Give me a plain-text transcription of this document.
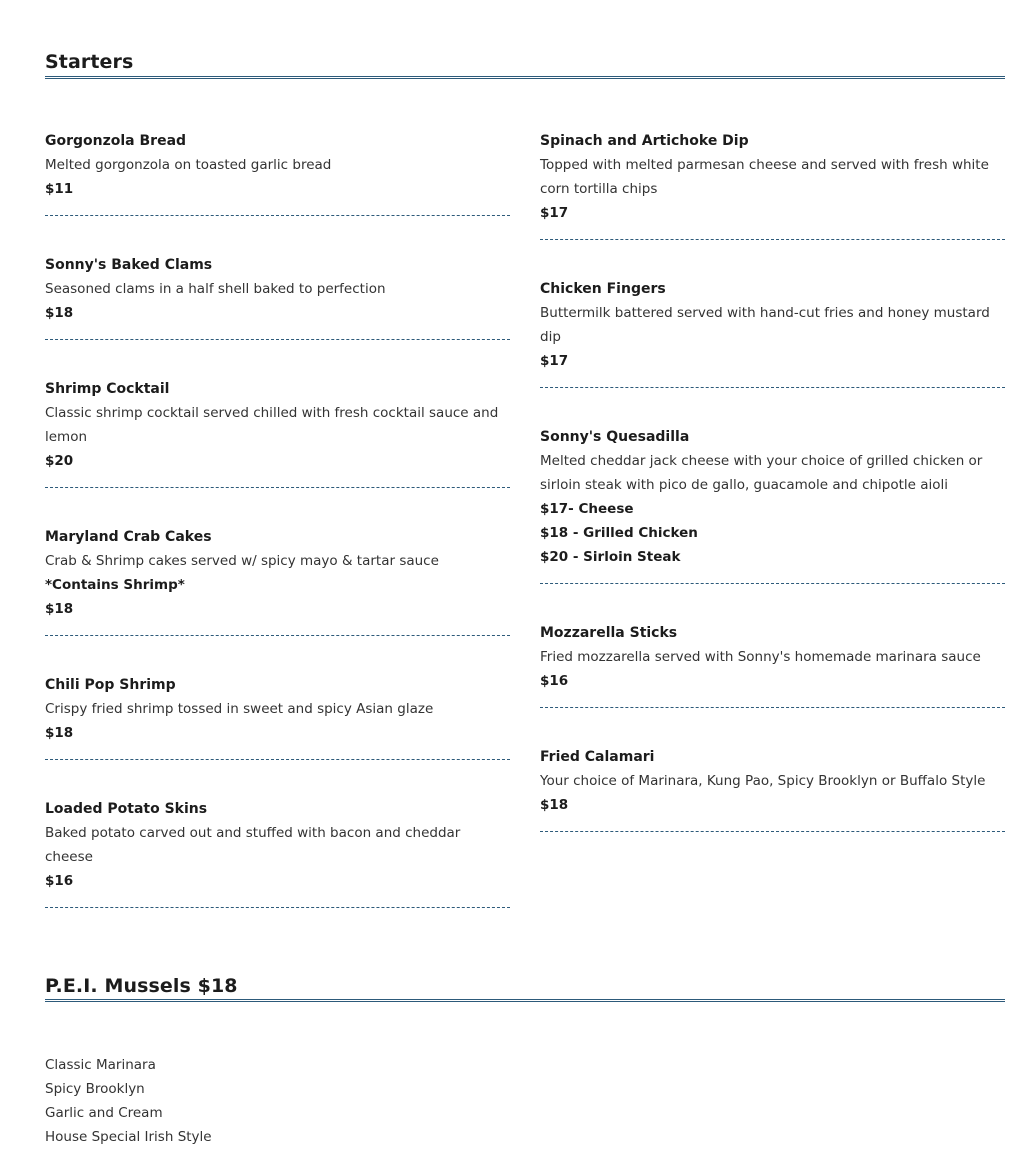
Starters
Gorgonzola Bread
Melted gorgonzola on toasted garlic bread
$11
Sonny's Baked Clams
Seasoned clams in a half shell baked to perfection
$18
Shrimp Cocktail
Classic shrimp cocktail served chilled with fresh cocktail sauce and lemon
$20
Maryland Crab Cakes
Crab & Shrimp cakes served w/ spicy mayo & tartar sauce *Contains Shrimp*
$18
Chili Pop Shrimp
Crispy fried shrimp tossed in sweet and spicy Asian glaze
$18
Loaded Potato Skins
Baked potato carved out and stuffed with bacon and cheddar cheese
$16
Spinach and Artichoke Dip
Topped with melted parmesan cheese and served with fresh white corn tortilla chips
$17
Chicken Fingers
Buttermilk battered served with hand-cut fries and honey mustard dip
$17
Sonny's Quesadilla
Melted cheddar jack cheese with your choice of grilled chicken or sirloin steak with pico de gallo, guacamole and chipotle aioli
$17- Cheese
$18 - Grilled Chicken
$20 - Sirloin Steak
Mozzarella Sticks
Fried mozzarella served with Sonny's homemade marinara sauce
$16
Fried Calamari
Your choice of Marinara, Kung Pao, Spicy Brooklyn or Buffalo Style
$18
P.E.I. Mussels $18
Classic Marinara
Spicy Brooklyn
Garlic and Cream
House Special Irish Style
